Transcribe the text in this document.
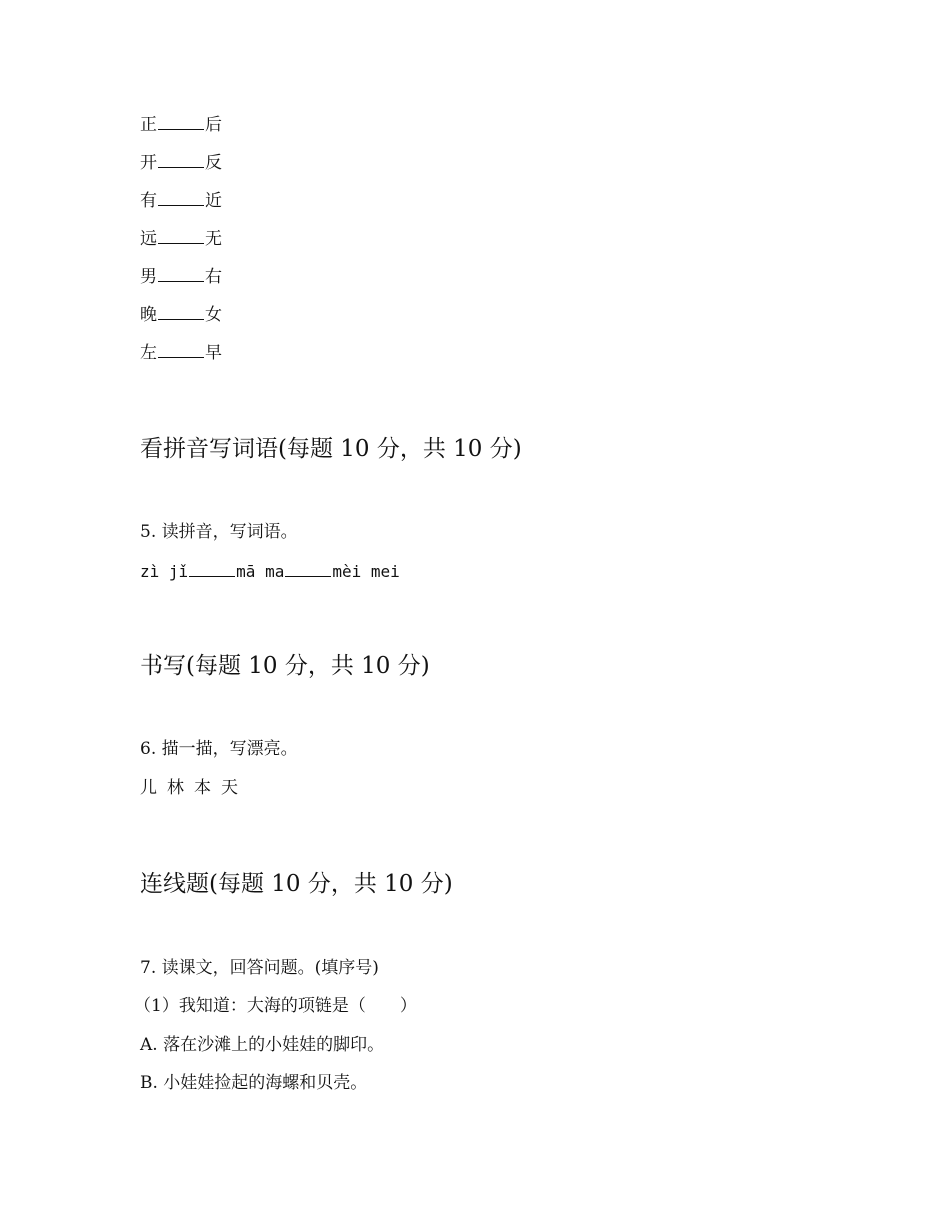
正	后
开	反
有	近
远	无
男	右
晚	女
左	早
看拼音写词语(每题 10 分，共 10 分)
5. 读拼音，写词语。
zì jǐ	mā ma	mèi mei
书写(每题 10 分，共 10 分)
6. 描一描，写漂亮。
儿 林 本 天
连线题(每题 10 分，共 10 分)
7. 读课文，回答问题。(填序号)
（1）我知道：大海的项链是（　　）
A. 落在沙滩上的小娃娃的脚印。
B. 小娃娃捡起的海螺和贝壳。
